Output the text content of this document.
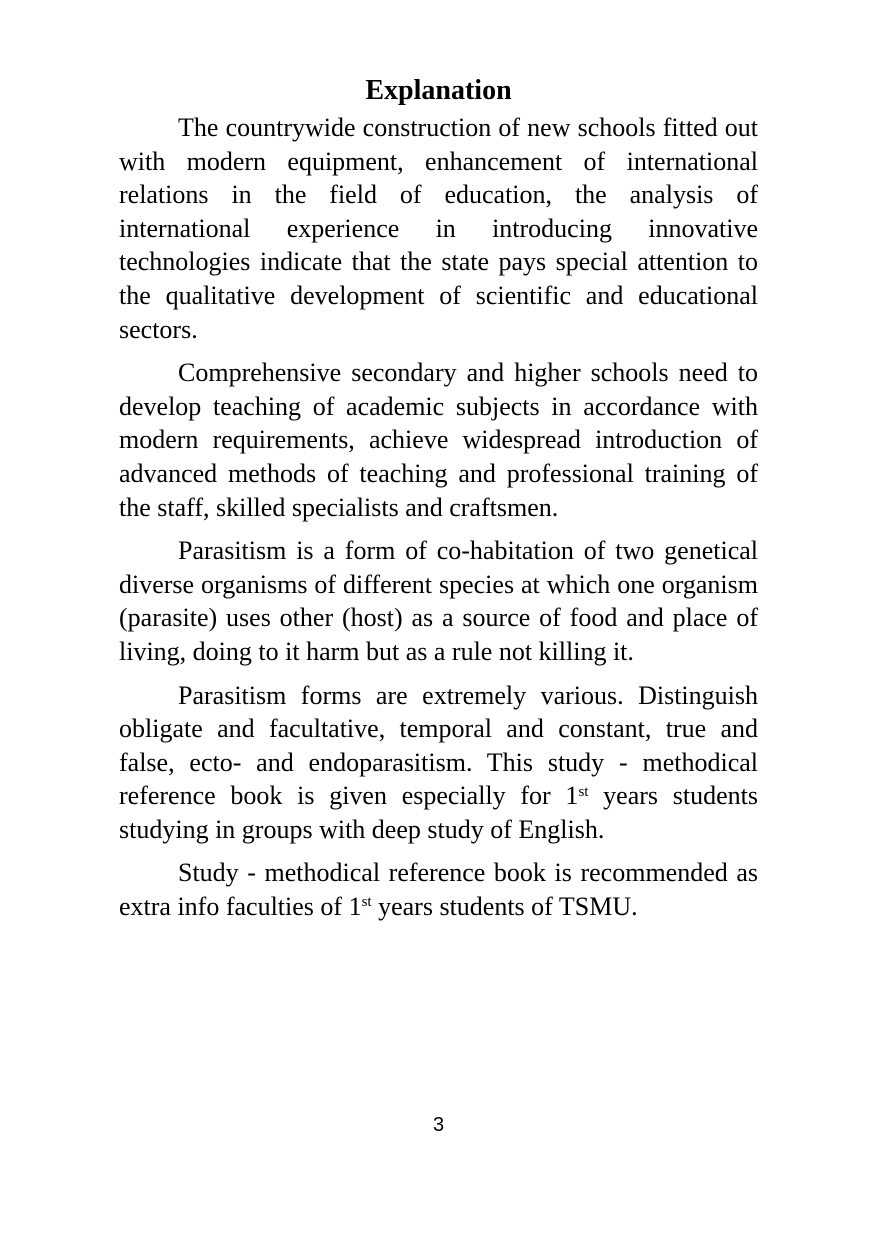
Explanation

The countrywide construction of new schools fitted out with modern equipment, enhancement of international relations in the field of education, the analysis of international experience in introducing innovative technologies indicate that the state pays special attention to the qualitative development of scientific and educational sectors.

Comprehensive secondary and higher schools need to develop teaching of academic subjects in accordance with modern requirements, achieve widespread introduction of advanced methods of teaching and professional training of the staff, skilled specialists and craftsmen.

Parasitism is a form of co-habitation of two genetical diverse organisms of different species at which one organism (parasite) uses other (host) as a source of food and place of living, doing to it harm but as a rule not killing it.

Parasitism forms are extremely various. Distinguish obligate and facultative, temporal and constant, true and false, ecto- and endoparasitism. This study - methodical reference book is given especially for 1st years students studying in groups with deep study of English.

Study - methodical reference book is recommended as extra info faculties of 1st years students of TSMU.

3
